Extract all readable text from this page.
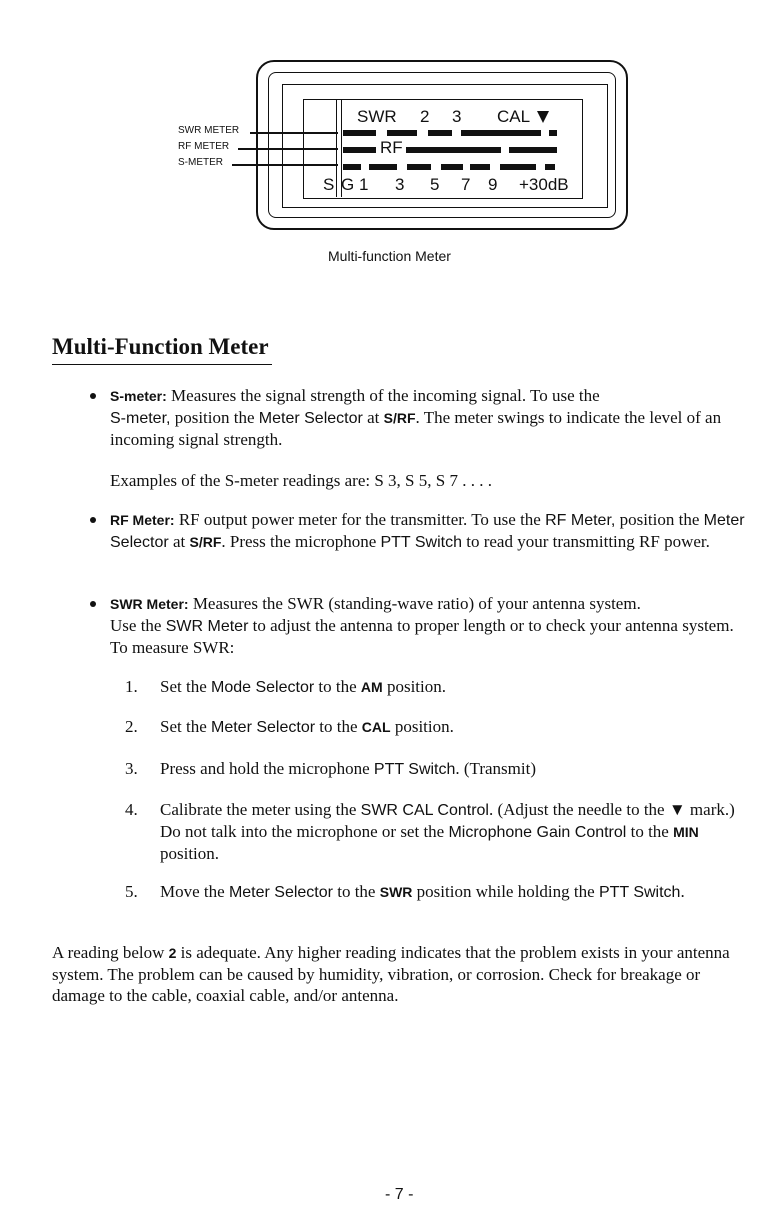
SWR 2 3 CAL
RF
S G 1 3 5 7 9 +30dB
SWR METER
RF METER
S-METER
Multi-function Meter
Multi-Function Meter

S-meter: Measures the signal strength of the incoming signal. To use the
S-meter, position the Meter Selector at S/RF. The meter swings to indicate the level of an incoming signal strength.

Examples of the S-meter readings are: S 3, S 5, S 7 . . . .

RF Meter: RF output power meter for the transmitter. To use the RF Meter, position the Meter Selector at S/RF. Press the microphone PTT Switch to read your transmitting RF power.

SWR Meter: Measures the SWR (standing-wave ratio) of your antenna system.
Use the SWR Meter to adjust the antenna to proper length or to check your antenna system. To measure SWR:

1. Set the Mode Selector to the AM position.

2. Set the Meter Selector to the CAL position.

3. Press and hold the microphone PTT Switch. (Transmit)

4. Calibrate the meter using the SWR CAL Control. (Adjust the needle to the ▼ mark.) Do not talk into the microphone or set the Microphone Gain Control to the MIN position.

5. Move the Meter Selector to the SWR position while holding the PTT Switch.

A reading below 2 is adequate. Any higher reading indicates that the problem exists in your antenna system. The problem can be caused by humidity, vibration, or corrosion. Check for breakage or damage to the cable, coaxial cable, and/or antenna.

- 7 -
